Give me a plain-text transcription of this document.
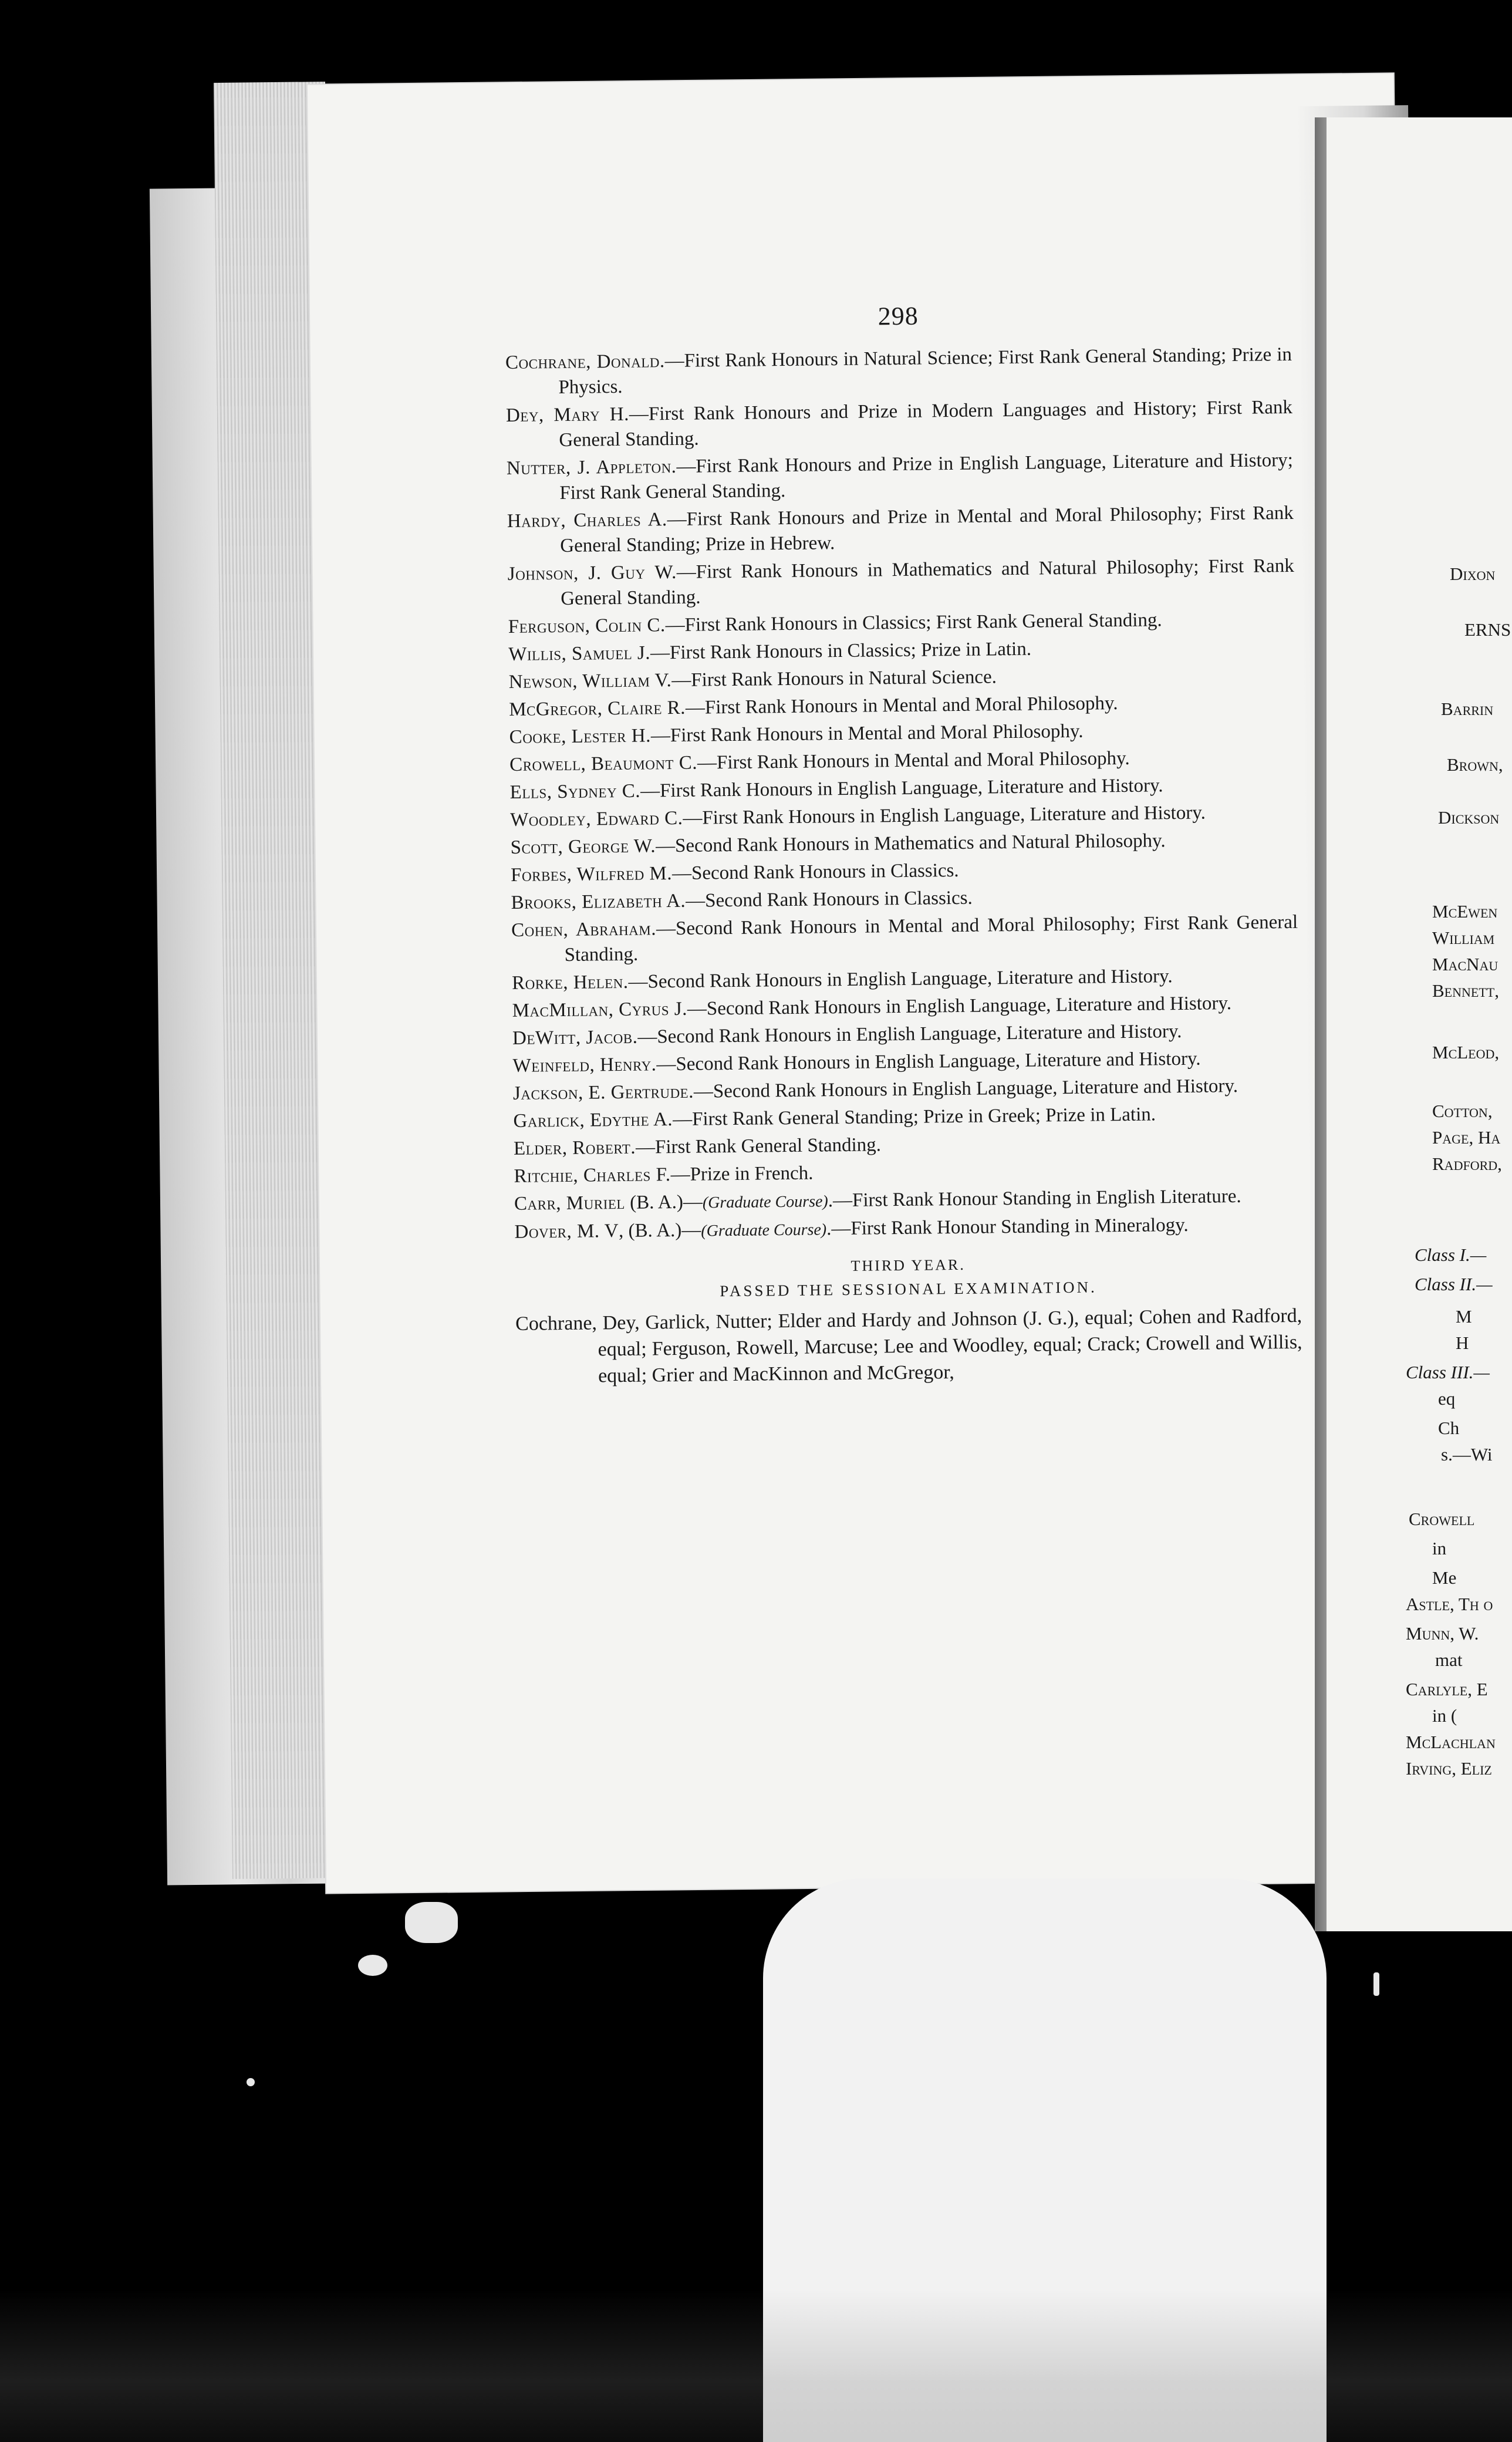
298

Cochrane, Donald.—First Rank Honours in Natural Science; First Rank General Standing; Prize in Physics.

Dey, Mary H.—First Rank Honours and Prize in Modern Languages and History; First Rank General Standing.

Nutter, J. Appleton.—First Rank Honours and Prize in English Language, Literature and History; First Rank General Standing.

Hardy, Charles A.—First Rank Honours and Prize in Mental and Moral Philosophy; First Rank General Standing; Prize in Hebrew.

Johnson, J. Guy W.—First Rank Honours in Mathematics and Natural Philosophy; First Rank General Standing.

Ferguson, Colin C.—First Rank Honours in Classics; First Rank General Standing.

Willis, Samuel J.—First Rank Honours in Classics; Prize in Latin.

Newson, William V.—First Rank Honours in Natural Science.

McGregor, Claire R.—First Rank Honours in Mental and Moral Philosophy.

Cooke, Lester H.—First Rank Honours in Mental and Moral Philosophy.

Crowell, Beaumont C.—First Rank Honours in Mental and Moral Philosophy.

Ells, Sydney C.—First Rank Honours in English Language, Literature and History.

Woodley, Edward C.—First Rank Honours in English Language, Literature and History.

Scott, George W.—Second Rank Honours in Mathematics and Natural Philosophy.

Forbes, Wilfred M.—Second Rank Honours in Classics.

Brooks, Elizabeth A.—Second Rank Honours in Classics.

Cohen, Abraham.—Second Rank Honours in Mental and Moral Philosophy; First Rank General Standing.

Rorke, Helen.—Second Rank Honours in English Language, Literature and History.

MacMillan, Cyrus J.—Second Rank Honours in English Language, Literature and History.

DeWitt, Jacob.—Second Rank Honours in English Language, Literature and History.

Weinfeld, Henry.—Second Rank Honours in English Language, Literature and History.

Jackson, E. Gertrude.—Second Rank Honours in English Language, Literature and History.

Garlick, Edythe A.—First Rank General Standing; Prize in Greek; Prize in Latin.

Elder, Robert.—First Rank General Standing.

Ritchie, Charles F.—Prize in French.

Carr, Muriel (B. A.)—(Graduate Course).—First Rank Honour Standing in English Literature.

Dover, M. V, (B. A.)—(Graduate Course).—First Rank Honour Standing in Mineralogy.

THIRD YEAR.
PASSED THE SESSIONAL EXAMINATION.
Cochrane, Dey, Garlick, Nutter; Elder and Hardy and Johnson (J. G.), equal; Cohen and Radford, equal; Ferguson, Rowell, Marcuse; Lee and Woodley, equal; Crack; Crowell and Willis, equal; Grier and MacKinnon and McGregor,
Dixon
ERNS
Barrin
Brown,
Dickson
McEwen
William
MacNau
Bennett,
McLeod,
Cotton,
Page, Ha
Radford,
Class I.—
Class II.—
M
H
Class III.—
eq
Ch
s.—Wi
Crowell
in
Me
Astle, Th o
Munn, W.
mat
Carlyle, E
in (
McLachlan
Irving, Eliz
